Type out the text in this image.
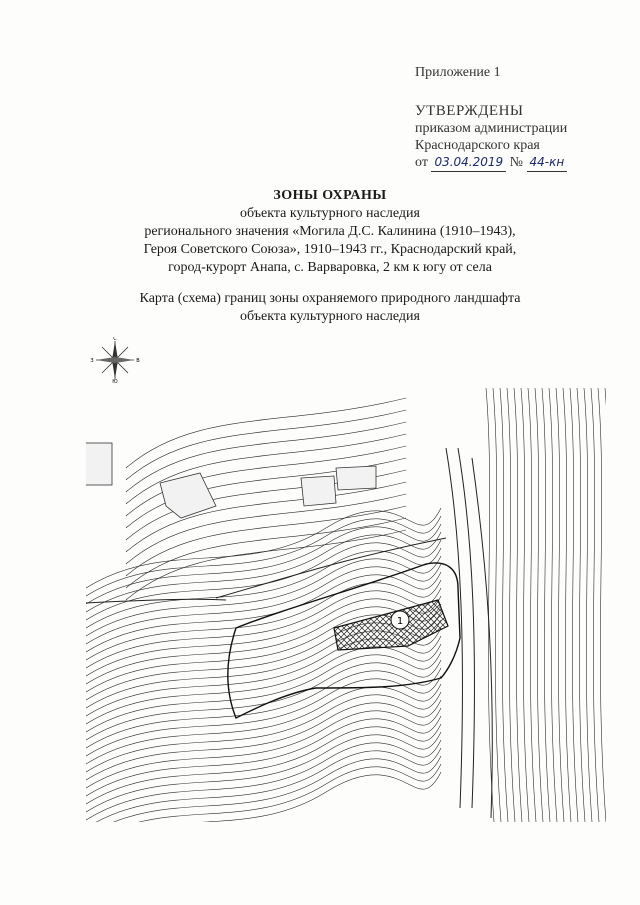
Приложение 1
УТВЕРЖДЕНЫ
приказом администрации
Краснодарского края
от 03.04.2019 № 44-кн
ЗОНЫ ОХРАНЫ
объекта культурного наследия
регионального значения «Могила Д.С. Калинина (1910–1943),
Героя Советского Союза», 1910–1943 гг., Краснодарский край,
город-курорт Анапа, с. Варваровка, 2 км к югу от села
Карта (схема) границ зоны охраняемого природного ландшафта
объекта культурного наследия
С
Ю
З	В
1
